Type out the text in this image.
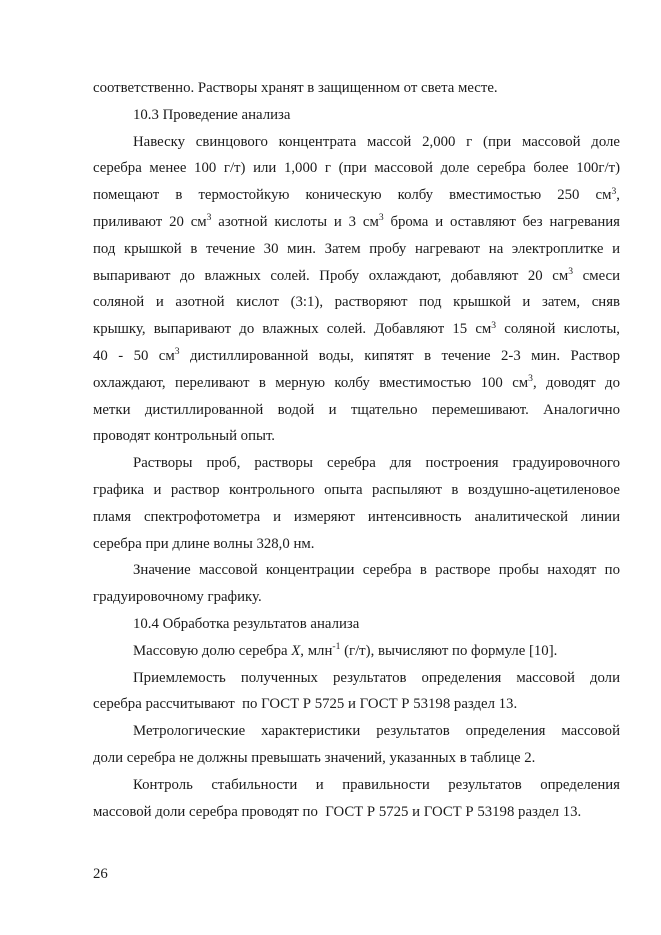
соответственно. Растворы хранят в защищенном от света месте.
10.3 Проведение анализа
Навеску свинцового концентрата массой 2,000 г (при массовой доле
серебра менее 100 г/т) или 1,000 г (при массовой доле серебра более 100г/т)
помещают в термостойкую коническую колбу вместимостью 250 $см^3$,
приливают 20 $см^3$ азотной кислоты и 3 $см^3$ брома и оставляют без нагревания
под крышкой в течение 30 мин. Затем пробу нагревают на электроплитке и
выпаривают до влажных солей. Пробу охлаждают, добавляют 20 $см^3$ смеси
соляной и азотной кислот (3:1), растворяют под крышкой и затем, сняв
крышку, выпаривают до влажных солей. Добавляют 15 $см^3$ соляной кислоты,
40 - 50 $см^3$ дистиллированной воды, кипятят в течение 2-3 мин. Раствор
охлаждают, переливают в мерную колбу вместимостью 100 $см^3$, доводят до
метки дистиллированной водой и тщательно перемешивают. Аналогично
проводят контрольный опыт.
Растворы проб, растворы серебра для построения градуировочного
графика и раствор контрольного опыта распыляют в воздушно-ацетиленовое
пламя спектрофотометра и измеряют интенсивность аналитической линии
серебра при длине волны 328,0 нм.
Значение массовой концентрации серебра в растворе пробы находят по
градуировочному графику.
10.4 Обработка результатов анализа
Массовую долю серебра X, млн$^{-1}$ (г/т), вычисляют по формуле [10].
Приемлемость полученных результатов определения массовой доли
серебра рассчитывают  по ГОСТ Р 5725 и ГОСТ Р 53198 раздел 13.
Метрологические характеристики результатов определения массовой
доли серебра не должны превышать значений, указанных в таблице 2.
Контроль стабильности и правильности результатов определения
массовой доли серебра проводят по  ГОСТ Р 5725 и ГОСТ Р 53198 раздел 13.
26
